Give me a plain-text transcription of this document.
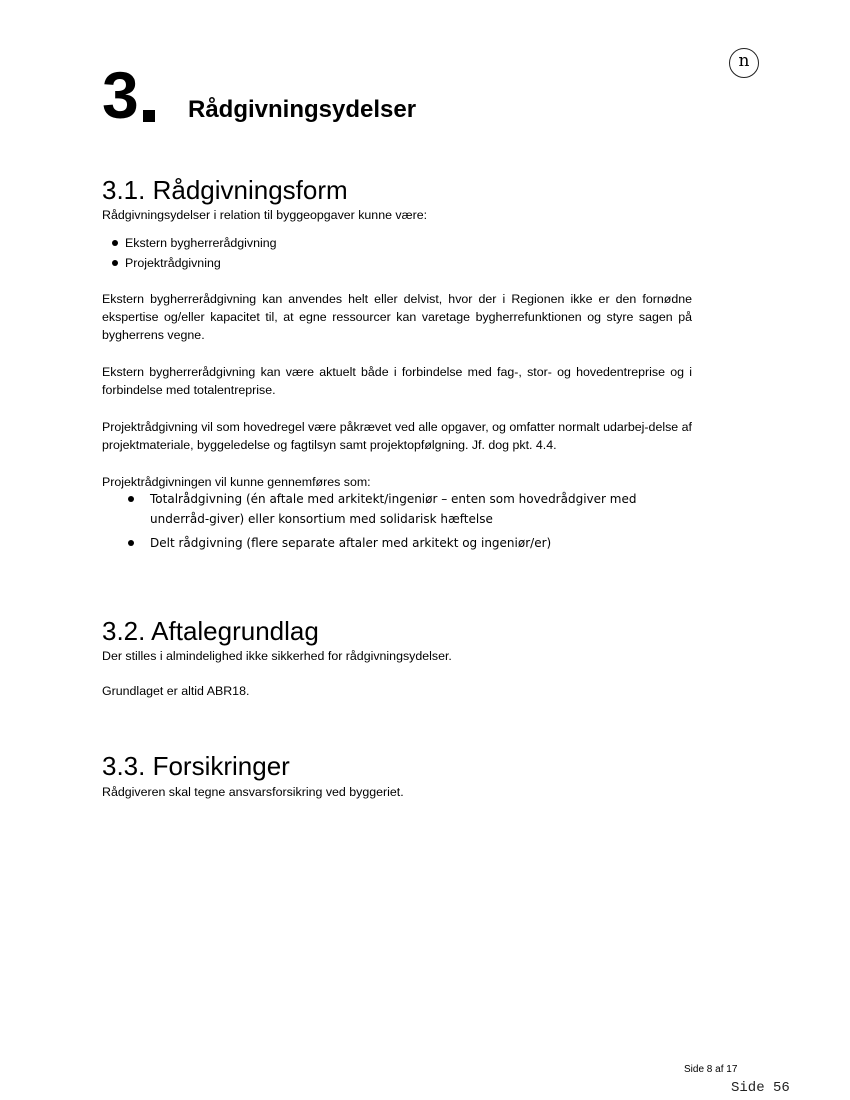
n
3 Rådgivningsydelser
3.1. Rådgivningsform
Rådgivningsydelser i relation til byggeopgaver kunne være:
Ekstern bygherrerådgivning
Projektrådgivning
Ekstern bygherrerådgivning kan anvendes helt eller delvist, hvor der i Regionen ikke er den fornødne ekspertise og/eller kapacitet til, at egne ressourcer kan varetage bygherrefunktionen og styre sagen på bygherrens vegne.
Ekstern bygherrerådgivning kan være aktuelt både i forbindelse med fag-, stor- og hovedentreprise og i forbindelse med totalentreprise.
Projektrådgivning vil som hovedregel være påkrævet ved alle opgaver, og omfatter normalt udarbej-delse af projektmateriale, byggeledelse og fagtilsyn samt projektopfølgning. Jf. dog pkt. 4.4.
Projektrådgivningen vil kunne gennemføres som:
Totalrådgivning (én aftale med arkitekt/ingeniør – enten som hovedrådgiver med underråd-giver) eller konsortium med solidarisk hæftelse
Delt rådgivning (flere separate aftaler med arkitekt og ingeniør/er)
3.2. Aftalegrundlag
Der stilles i almindelighed ikke sikkerhed for rådgivningsydelser.
Grundlaget er altid ABR18.
3.3. Forsikringer
Rådgiveren skal tegne ansvarsforsikring ved byggeriet.
Side 8 af 17
Side 56
